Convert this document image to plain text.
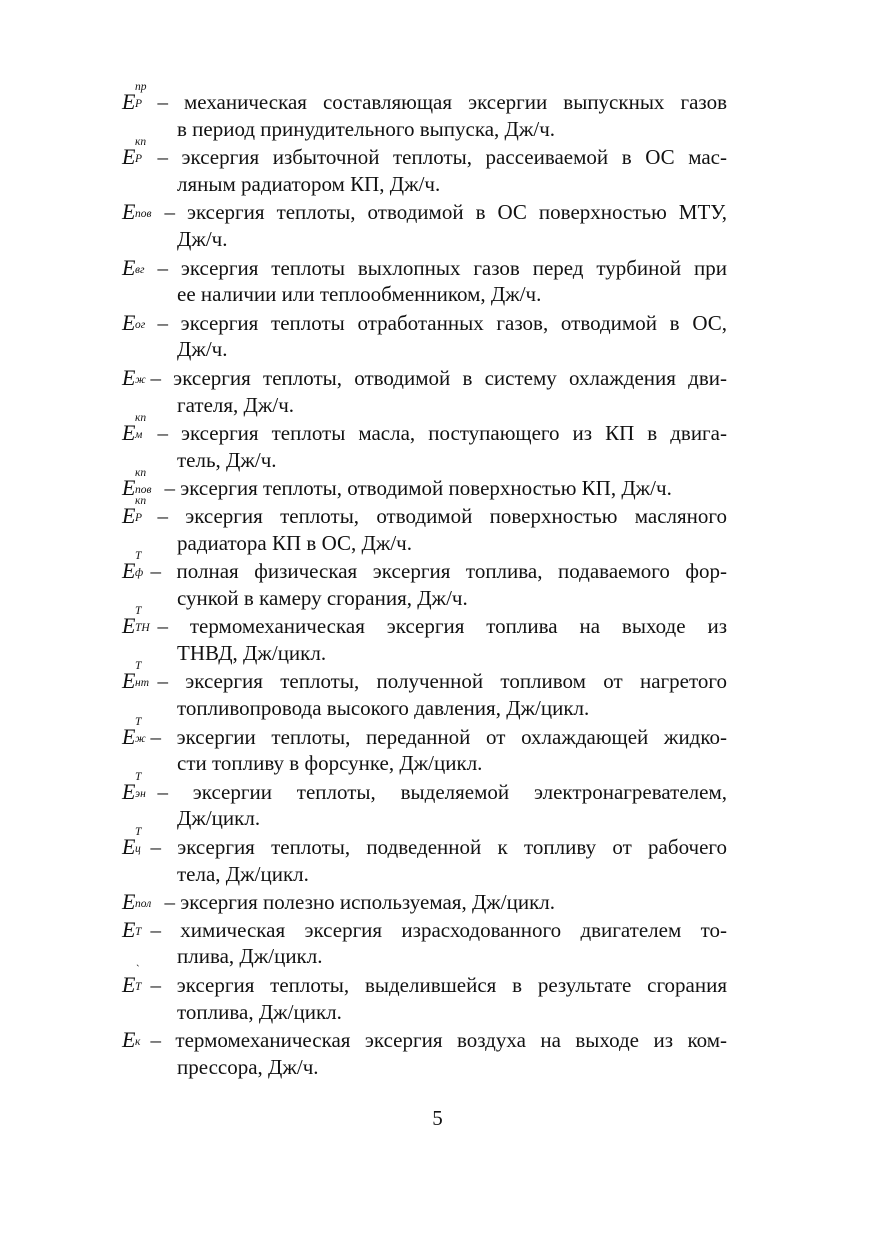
E P
пр
– механическая составляющая эксергии выпускных газов
в период принудительного выпуска, Дж/ч.
E P
кп
– эксергия избыточной теплоты, рассеиваемой в ОС мас-
ляным радиатором КП, Дж/ч.
E пов – эксергия теплоты, отводимой в ОС поверхностью МТУ,
Дж/ч.
E вг – эксергия теплоты выхлопных газов перед турбиной при
ее наличии или теплообменником, Дж/ч.
E ог – эксергия теплоты отработанных газов, отводимой в ОС,
Дж/ч.
E ж – эксергия теплоты, отводимой в систему охлаждения дви-
гателя, Дж/ч.
E м
кп
– эксергия теплоты масла, поступающего из КП в двига-
тель, Дж/ч.
E пов
кп
– эксергия теплоты, отводимой поверхностью КП, Дж/ч.
E P
кп
– эксергия теплоты, отводимой поверхностью масляного
радиатора КП в ОС, Дж/ч.
E ф
T
– полная физическая эксергия топлива, подаваемого фор-
сункой в камеру сгорания, Дж/ч.
E TH
T
– термомеханическая эксергия топлива на выходе из
ТНВД, Дж/цикл.
E нт
T
– эксергия теплоты, полученной топливом от нагретого
топливопровода высокого давления, Дж/цикл.
E ж
T
– эксергии теплоты, переданной от охлаждающей жидко-
сти топливу в форсунке, Дж/цикл.
E эн
T
– эксергии теплоты, выделяемой электронагревателем,
Дж/цикл.
E ц
T
– эксергия теплоты, подведенной к топливу от рабочего
тела, Дж/цикл.
E пол – эксергия полезно используемая, Дж/цикл.
E T – химическая эксергия израсходованного двигателем то-
плива, Дж/цикл.
E T
`
– эксергия теплоты, выделившейся в результате сгорания
топлива, Дж/цикл.
E к – термомеханическая эксергия воздуха на выходе из ком-
прессора, Дж/ч.
5
